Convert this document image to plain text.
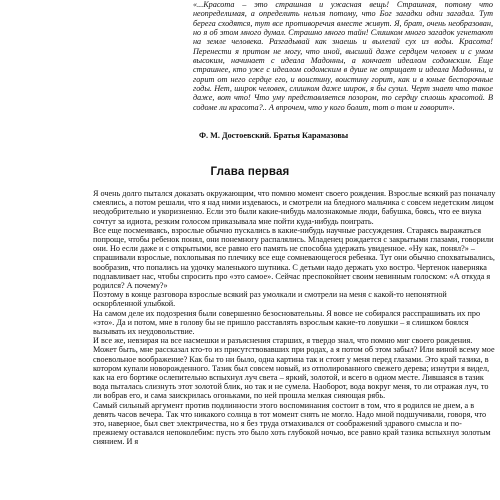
«...Красота – это страшная и ужасная вещь! Страшная, потому что неопределимая, а определить нельзя потому, что Бог загадки одни загадал. Тут берега сходятся, тут все противоречия вместе живут. Я, брат, очень необразован, но я об этом много думал. Страшно много тайн! Слишком много загадок угнетают на земле человека. Разгадывай как знаешь и вылезай сух из воды. Красота! Перенести я притом не могу, что иной, высший даже сердцем человек и с умом высоким, начинает с идеала Мадонны, а кончает идеалом содомским. Еще страшнее, кто уже с идеалом содомским в душе не отрицает и идеала Мадонны, и горит от него сердце его, и воистину, воистину горит, как и в юные беспорочные годы. Нет, широк человек, слишком даже широк, я бы сузил. Черт знает что такое даже, вот что! Что уму представляется позором, то сердцу сплошь красотой. В содоме ли красота?.. А впрочем, что у кого болит, тот о том и говорит».

Ф. М. Достоевский. Братья Карамазовы

Глава первая

Я очень долго пытался доказать окружающим, что помню момент своего рождения. Взрослые всякий раз поначалу смеялись, а потом решали, что я над ними издеваюсь, и смотрели на бледного мальчика с совсем недетским лицом неодобрительно и укоризненно. Если это были какие-нибудь малознакомые люди, бабушка, боясь, что ее внука сочтут за идиота, резким голосом приказывала мне пойти куда-нибудь поиграть.

Все еще посмеиваясь, взрослые обычно пускались в какие-нибудь научные рассуждения. Стараясь выражаться попроще, чтобы ребенок понял, они понемногу распалялись. Младенец рождается с закрытыми глазами, говорили они. Но если даже и с открытыми, все равно его память не способна удержать увиденное. «Ну как, понял?» – спрашивали взрослые, похлопывая по плечику все еще сомневающегося ребенка. Тут они обычно спохватывались, вообразив, что попались на удочку маленького шутника. С детьми надо держать ухо востро. Чертенок наверняка подлавливает нас, чтобы спросить про «это самое». Сейчас преспокойнет своим невинным голоском: «А откуда я родился? А почему?»

Поэтому в конце разговора взрослые всякий раз умолкали и смотрели на меня с какой-то непонятной оскорбленной улыбкой.

На самом деле их подозрения были совершенно безосновательны. Я вовсе не собирался расспрашивать их про «это». Да и потом, мне в голову бы не пришло расставлять взрослым какие-то ловушки – я слишком боялся вызывать их неудовольствие.

И все же, невзирая на все насмешки и разъяснения старших, я твердо знал, что помню миг своего рождения. Может быть, мне рассказал кто-то из присутствовавших при родах, а я потом об этом забыл? Или виной всему мое своевольное воображение? Как бы то ни было, одна картина так и стоит у меня перед глазами. Это край тазика, в котором купали новорожденного. Тазик был совсем новый, из отполированного свежего дерева; изнутри я видел, как на его бортике ослепительно вспыхнул луч света – яркий, золотой, и всего в одном месте. Лившаяся в тазик вода пыталась слизнуть этот золотой блик, но так и не сумела. Наоборот, вода вокруг меня, то ли отражая луч, то ли вобрав его, и сама заискрилась огоньками, по ней прошла мелкая сияющая рябь.

Самый сильный аргумент против подлинности этого воспоминания состоит в том, что я родился не днем, а в девять часов вечера. Так что никакого солнца в тот момент снять не могло. Надо мной подшучивали, говоря, что это, наверное, был свет электричества, но я без труда отмахивался от соображений здравого смысла и по-прежнему оставался непоколебим: пусть это было хоть глубокой ночью, все равно край тазика вспыхнул золотым сиянием. И я
